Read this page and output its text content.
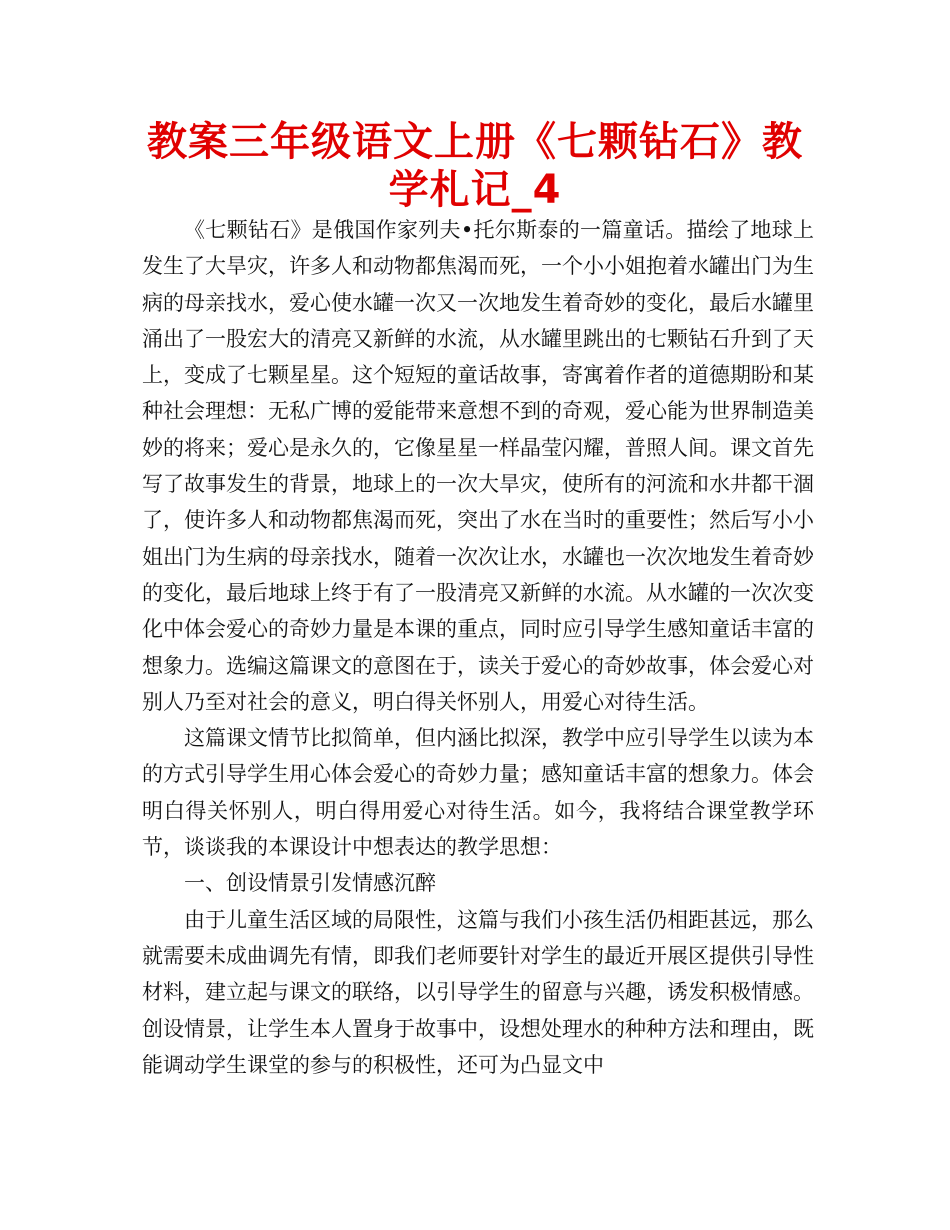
教案三年级语文上册《七颗钻石》教学札记_4

《七颗钻石》是俄国作家列夫•托尔斯泰的一篇童话。描绘了地球上发生了大旱灾，许多人和动物都焦渴而死，一个小小姐抱着水罐出门为生病的母亲找水，爱心使水罐一次又一次地发生着奇妙的变化，最后水罐里涌出了一股宏大的清亮又新鲜的水流，从水罐里跳出的七颗钻石升到了天上，变成了七颗星星。这个短短的童话故事，寄寓着作者的道德期盼和某种社会理想：无私广博的爱能带来意想不到的奇观，爱心能为世界制造美妙的将来；爱心是永久的，它像星星一样晶莹闪耀，普照人间。课文首先写了故事发生的背景，地球上的一次大旱灾，使所有的河流和水井都干涸了，使许多人和动物都焦渴而死，突出了水在当时的重要性；然后写小小姐出门为生病的母亲找水，随着一次次让水，水罐也一次次地发生着奇妙的变化，最后地球上终于有了一股清亮又新鲜的水流。从水罐的一次次变化中体会爱心的奇妙力量是本课的重点，同时应引导学生感知童话丰富的想象力。选编这篇课文的意图在于，读关于爱心的奇妙故事，体会爱心对别人乃至对社会的意义，明白得关怀别人，用爱心对待生活。

这篇课文情节比拟简单，但内涵比拟深，教学中应引导学生以读为本的方式引导学生用心体会爱心的奇妙力量；感知童话丰富的想象力。体会明白得关怀别人，明白得用爱心对待生活。如今，我将结合课堂教学环节，谈谈我的本课设计中想表达的教学思想：

一、创设情景引发情感沉醉

由于儿童生活区域的局限性，这篇与我们小孩生活仍相距甚远，那么就需要未成曲调先有情，即我们老师要针对学生的最近开展区提供引导性材料，建立起与课文的联络，以引导学生的留意与兴趣，诱发积极情感。创设情景，让学生本人置身于故事中，设想处理水的种种方法和理由，既能调动学生课堂的参与的积极性，还可为凸显文中
